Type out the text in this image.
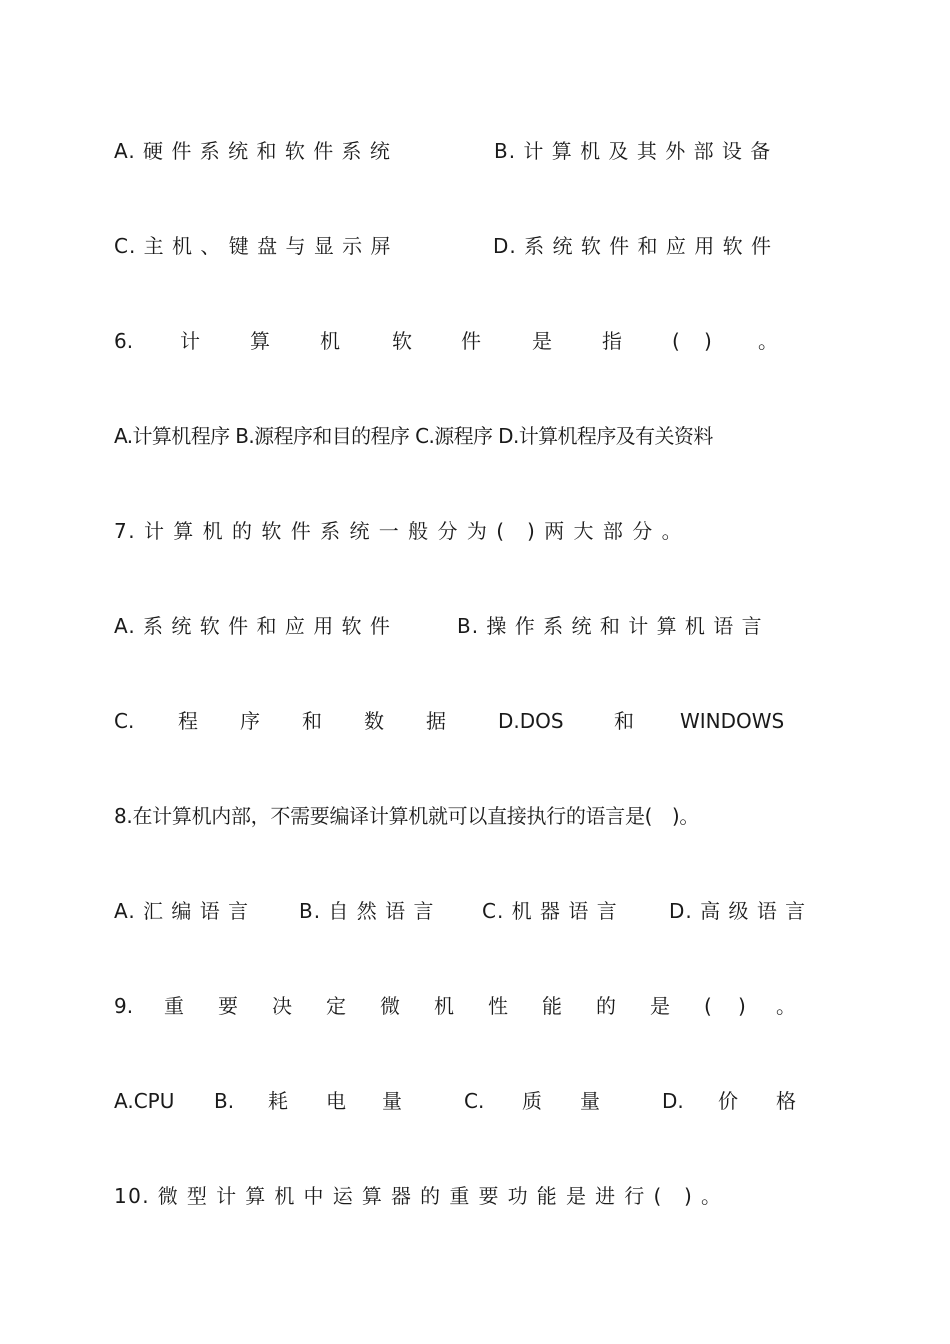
A. 硬 件 系 统 和 软 件 系 统	B. 计 算 机 及 其 外 部 设 备
C. 主 机 、 键 盘 与 显 示 屏	D. 系 统 软 件 和 应 用 软 件
6. 计	算	机	软 件	是	指	( ) 。
A.计算机程序 B.源程序和目的程序 C.源程序 D.计算机程序及有关资料
7. 计 算 机 的 软 件 系 统 一 般 分 为 (　) 两 大 部 分 。
A. 系 统 软 件 和 应 用 软 件	B. 操 作 系 统 和 计 算 机 语 言
C. 程 序 和 数 据	D.DOS	和 WINDOWS
8.在计算机内部，不需要编译计算机就可以直接执行的语言是(　)。
A. 汇 编 语 言 B. 自 然 语 言 C. 机 器 语 言	D. 高 级 语 言
9. 重 要 决 定 微 机 性 能 的 是 ( ) 。
A.CPU B. 耗 电 量	C. 质 量	D. 价 格
10. 微 型 计 算 机 中 运 算 器 的 重 要 功 能 是 进 行 (　) 。
